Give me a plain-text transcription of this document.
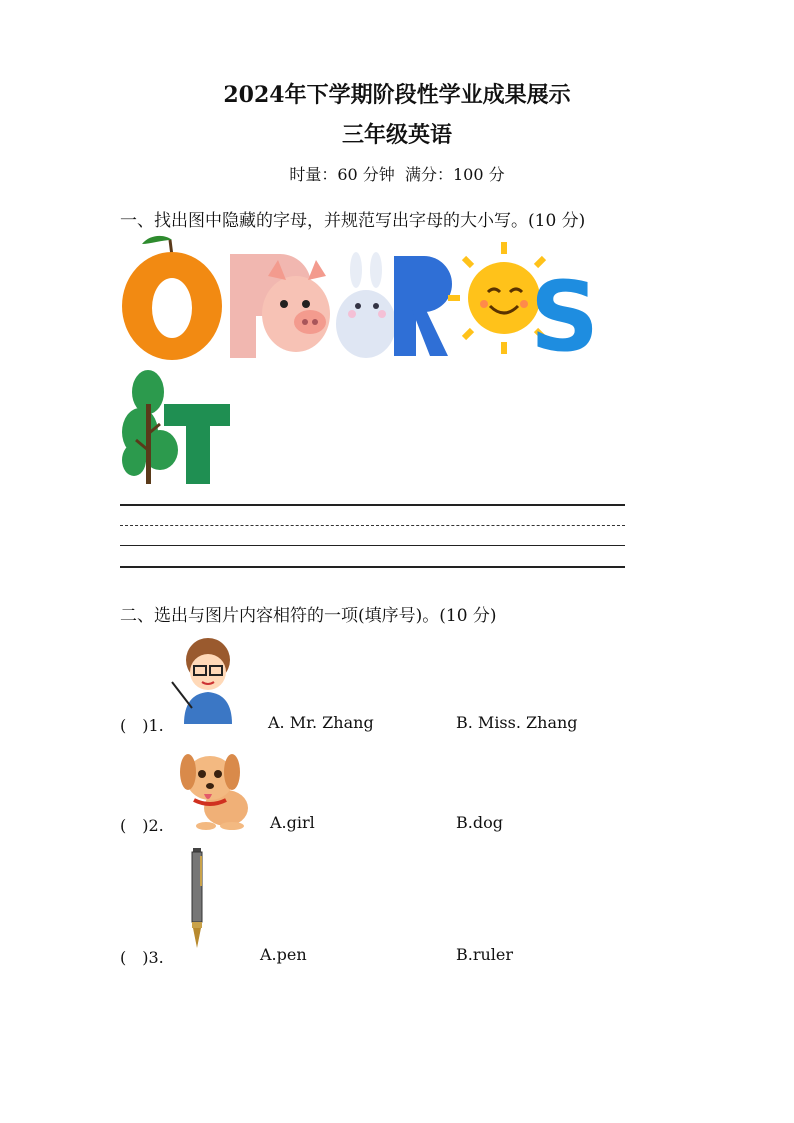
2024年下学期阶段性学业成果展示
三年级英语
时量：60 分钟 满分：100 分
一、找出图中隐藏的字母，并规范写出字母的大小写。(10 分)
O	P	R S
T
二、选出与图片内容相符的一项(填序号)。(10 分)
(　)1.	A. Mr. Zhang	B. Miss. Zhang
(　)2.	A.girl	B.dog
(　)3.	A.pen	B.ruler
